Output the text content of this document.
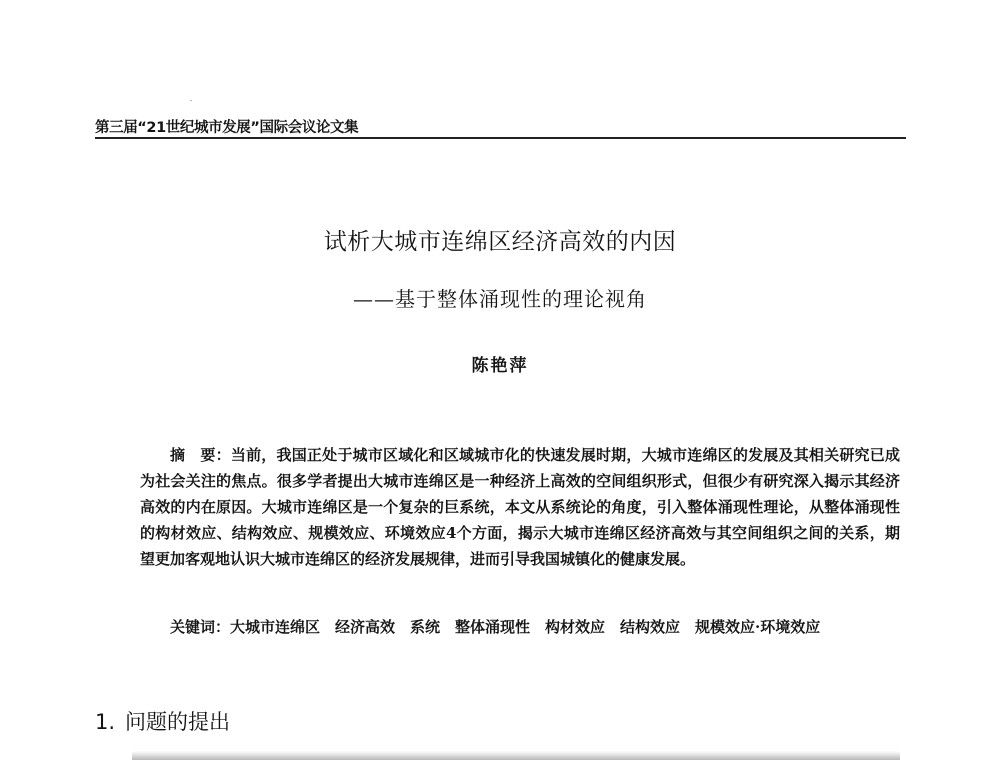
第三届“21世纪城市发展”国际会议论文集
试析大城市连绵区经济高效的内因
——基于整体涌现性的理论视角
陈艳萍

摘　要：当前，我国正处于城市区域化和区域城市化的快速发展时期，大城市连绵区的发展及其相关研究已成为社会关注的焦点。很多学者提出大城市连绵区是一种经济上高效的空间组织形式，但很少有研究深入揭示其经济高效的内在原因。大城市连绵区是一个复杂的巨系统，本文从系统论的角度，引入整体涌现性理论，从整体涌现性的构材效应、结构效应、规模效应、环境效应4个方面，揭示大城市连绵区经济高效与其空间组织之间的关系，期望更加客观地认识大城市连绵区的经济发展规律，进而引导我国城镇化的健康发展。

关键词：大城市连绵区　经济高效　系统　整体涌现性　构材效应　结构效应　规模效应·环境效应

1. 问题的提出
